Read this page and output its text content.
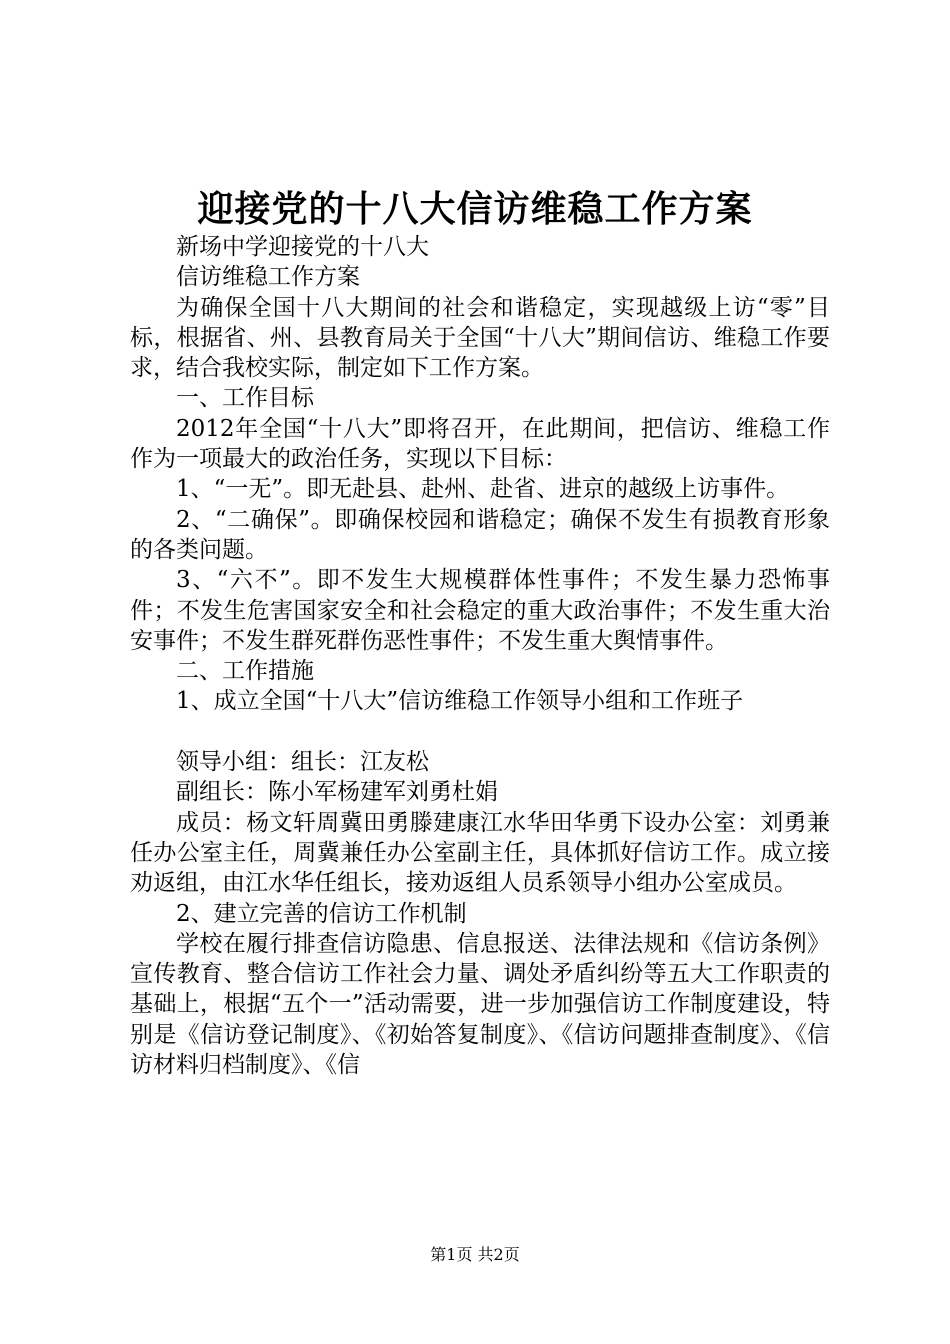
迎接党的十八大信访维稳工作方案

新场中学迎接党的十八大

信访维稳工作方案

为确保全国十八大期间的社会和谐稳定，实现越级上访“零”目标，根据省、州、县教育局关于全国“十八大”期间信访、维稳工作要求，结合我校实际，制定如下工作方案。

一、工作目标

2012年全国“十八大”即将召开，在此期间，把信访、维稳工作作为一项最大的政治任务，实现以下目标：

1、“一无”。即无赴县、赴州、赴省、进京的越级上访事件。

2、“二确保”。即确保校园和谐稳定；确保不发生有损教育形象的各类问题。

3、“六不”。即不发生大规模群体性事件；不发生暴力恐怖事件；不发生危害国家安全和社会稳定的重大政治事件；不发生重大治安事件；不发生群死群伤恶性事件；不发生重大舆情事件。

二、工作措施

1、成立全国“十八大”信访维稳工作领导小组和工作班子

领导小组：组长：江友松

副组长：陈小军杨建军刘勇杜娟

成员：杨文轩周冀田勇滕建康江水华田华勇下设办公室：刘勇兼任办公室主任，周冀兼任办公室副主任，具体抓好信访工作。成立接劝返组，由江水华任组长，接劝返组人员系领导小组办公室成员。

2、建立完善的信访工作机制

学校在履行排查信访隐患、信息报送、法律法规和《信访条例》宣传教育、整合信访工作社会力量、调处矛盾纠纷等五大工作职责的基础上，根据“五个一”活动需要，进一步加强信访工作制度建设，特别是《信访登记制度》、《初始答复制度》、《信访问题排查制度》、《信访材料归档制度》、《信

第1页 共2页
